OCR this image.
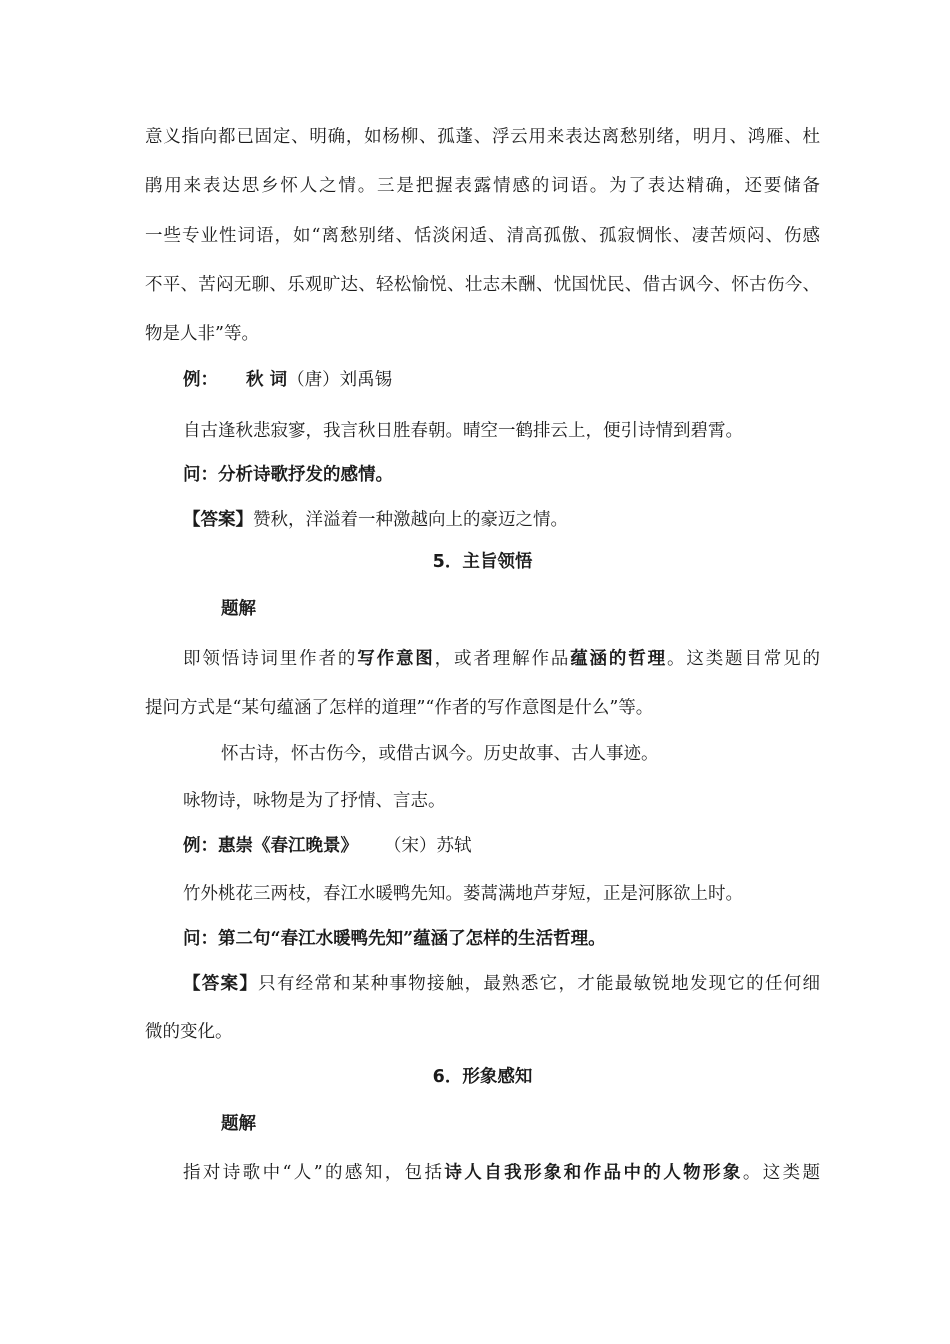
意义指向都已固定、明确，如杨柳、孤蓬、浮云用来表达离愁别绪，明月、鸿雁、杜
鹃用来表达思乡怀人之情。三是把握表露情感的词语。为了表达精确，还要储备
一些专业性词语，如“离愁别绪、恬淡闲适、清高孤傲、孤寂惆怅、凄苦烦闷、伤感
不平、苦闷无聊、乐观旷达、轻松愉悦、壮志未酬、忧国忧民、借古讽今、怀古伤今、
物是人非”等。
例： 秋 词（唐）刘禹锡
自古逢秋悲寂寥，我言秋日胜春朝。晴空一鹤排云上，便引诗情到碧霄。
问：分析诗歌抒发的感情。
【答案】赞秋，洋溢着一种激越向上的豪迈之情。
5．主旨领悟
题解
即领悟诗词里作者的写作意图，或者理解作品蕴涵的哲理。这类题目常见的
提问方式是“某句蕴涵了怎样的道理”“作者的写作意图是什么”等。
怀古诗，怀古伤今，或借古讽今。历史故事、古人事迹。
咏物诗，咏物是为了抒情、言志。
例：惠崇《春江晚景》 （宋）苏轼
竹外桃花三两枝，春江水暖鸭先知。蒌蒿满地芦芽短，正是河豚欲上时。
问：第二句“春江水暖鸭先知”蕴涵了怎样的生活哲理。
【答案】只有经常和某种事物接触，最熟悉它，才能最敏锐地发现它的任何细
微的变化。
6．形象感知
题解
指对诗歌中“人”的感知，包括诗人自我形象和作品中的人物形象。这类题
